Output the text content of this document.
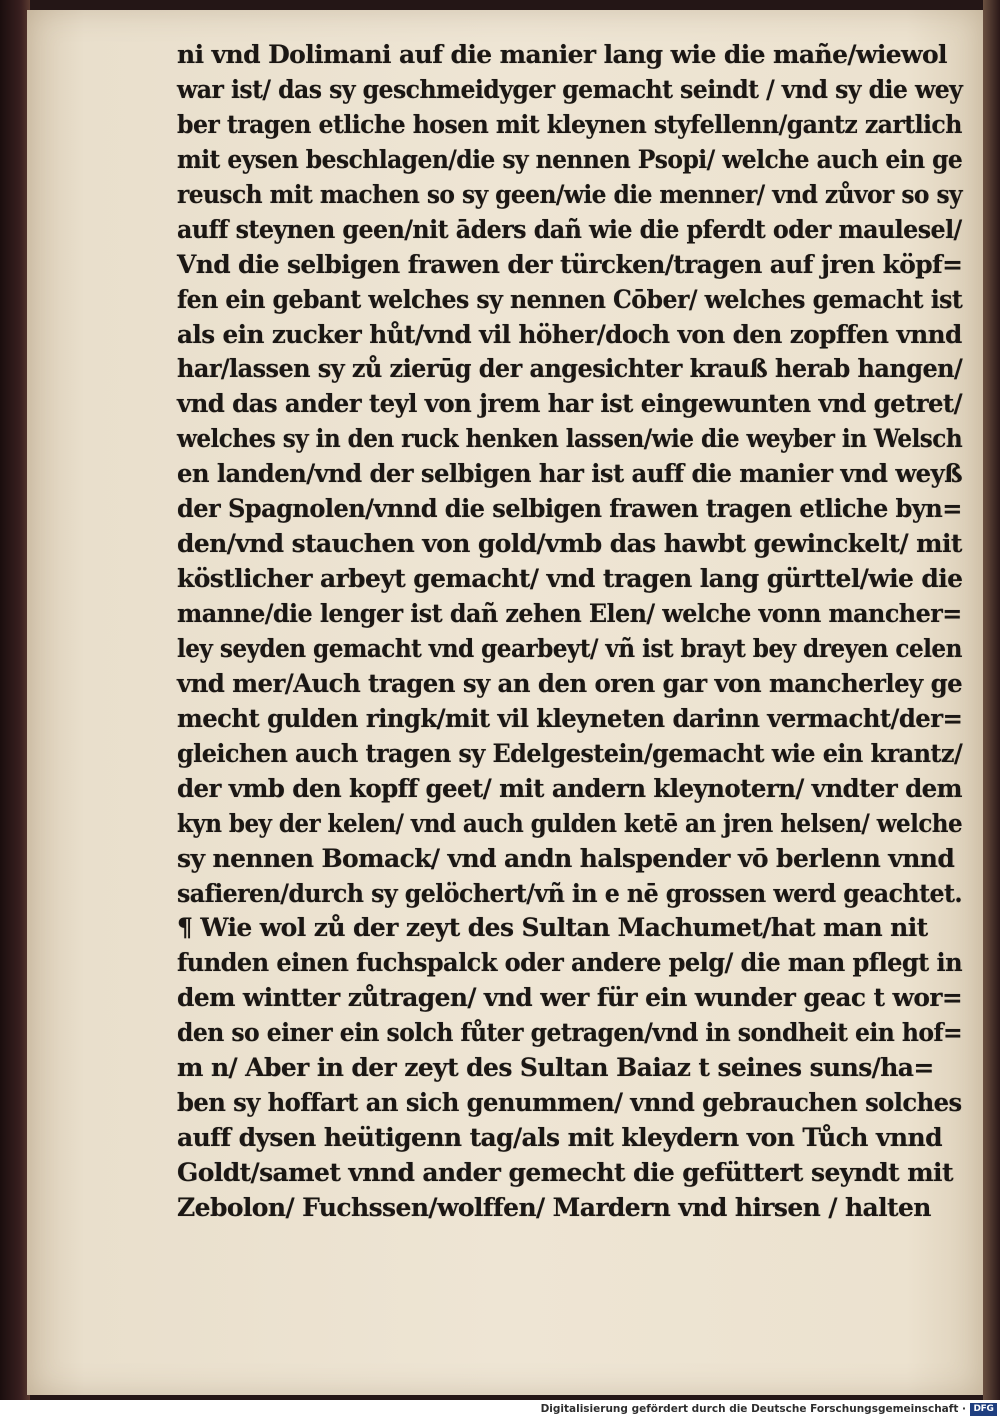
ni vnd Dolimani auf die manier lang wie die mañe/wiewol
war ist/ das sy geschmeidyger gemacht seindt / vnd sy die wey
ber tragen etliche hosen mit kleynen styfellenn/gantz zartlich
mit eysen beschlagen/die sy nennen Psopi/ welche auch ein ge
reusch mit machen so sy geen/wie die menner/ vnd zůvor so sy
auff steynen geen/nit āders dañ wie die pferdt oder maulesel/
Vnd die selbigen frawen der türcken/tragen auf jren köpf=
fen ein gebant welches sy nennen Cōber/ welches gemacht ist
als ein zucker hůt/vnd vil höher/doch von den zopffen vnnd
har/lassen sy zů zierūg der angesichter krauß herab hangen/
vnd das ander teyl von jrem har ist eingewunten vnd getret/
welches sy in den ruck henken lassen/wie die weyber in Welsch
en landen/vnd der selbigen har ist auff die manier vnd weyß
der Spagnolen/vnnd die selbigen frawen tragen etliche byn=
den/vnd stauchen von gold/vmb das hawbt gewinckelt/ mit
köstlicher arbeyt gemacht/ vnd tragen lang gürttel/wie die
manne/die lenger ist dañ zehen Elen/ welche vonn mancher=
ley seyden gemacht vnd gearbeyt/ vñ ist brayt bey dreyen celen
vnd mer/Auch tragen sy an den oren gar von mancherley ge
mecht gulden ringk/mit vil kleyneten darinn vermacht/der=
gleichen auch tragen sy Edelgestein/gemacht wie ein krantz/
der vmb den kopff geet/ mit andern kleynotern/ vndter dem
kyn bey der kelen/ vnd auch gulden ketē an jren helsen/ welche
sy nennen Bomack/ vnd andn halspender vō berlenn vnnd
safieren/durch sy gelöchert/vñ in e nē grossen werd geachtet.
¶ Wie wol zů der zeyt des Sultan Machumet/hat man nit
funden einen fuchspalck oder andere pelg/ die man pflegt in
dem wintter zůtragen/ vnd wer für ein wunder geac t wor=
den so einer ein solch fůter getragen/vnd in sondheit ein hof=
m n/ Aber in der zeyt des Sultan Baiaz t seines suns/ha=
ben sy hoffart an sich genummen/ vnnd gebrauchen solches
auff dysen heütigenn tag/als mit kleydern von Tůch vnnd
Goldt/samet vnnd ander gemecht die gefüttert seyndt mit
Zebolon/ Fuchssen/wolffen/ Mardern vnd hirsen / halten
Digitalisierung gefördert durch die Deutsche Forschungsgemeinschaft · DFG
